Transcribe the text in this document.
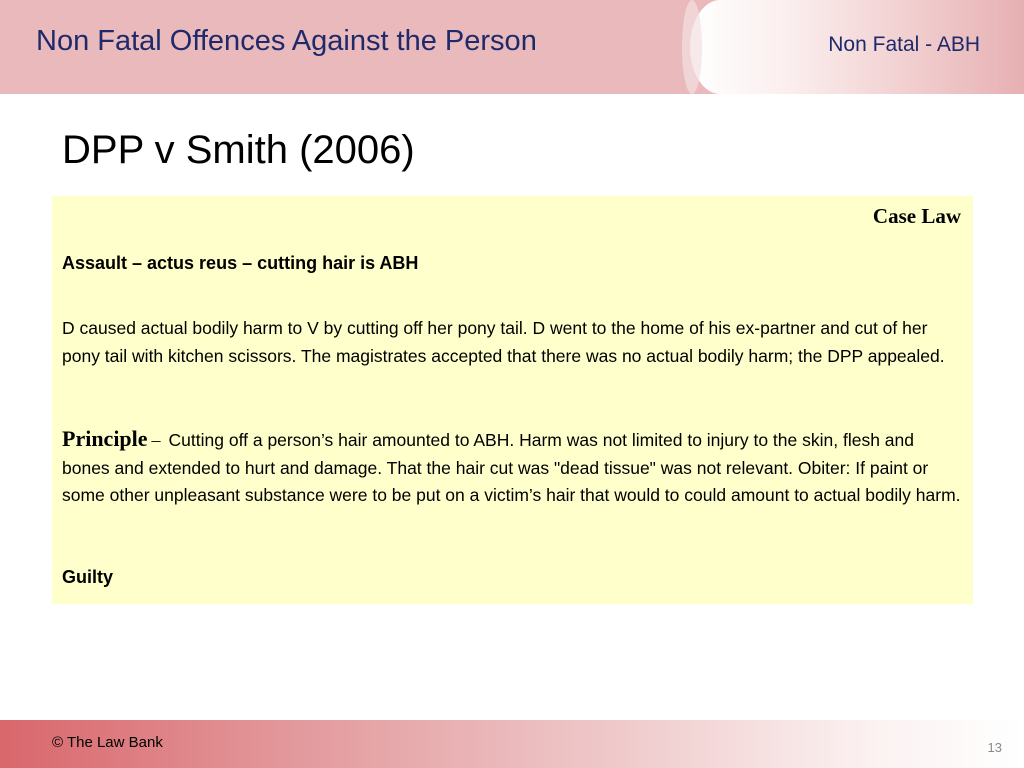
Non Fatal Offences Against the Person	Non Fatal - ABH
DPP v Smith (2006)
Case Law
Assault – actus reus – cutting hair is ABH
D caused actual bodily harm to V by cutting off her pony tail. D went to the home of his ex-partner and cut of her pony tail with kitchen scissors. The magistrates accepted that there was no actual bodily harm; the DPP appealed.
Principle – Cutting off a person’s hair amounted to ABH. Harm was not limited to injury to the skin, flesh and bones and extended to hurt and damage. That the hair cut was "dead tissue" was not relevant. Obiter: If paint or some other unpleasant substance were to be put on a victim’s hair that would to could amount to actual bodily harm.
Guilty
© The Law Bank	13
